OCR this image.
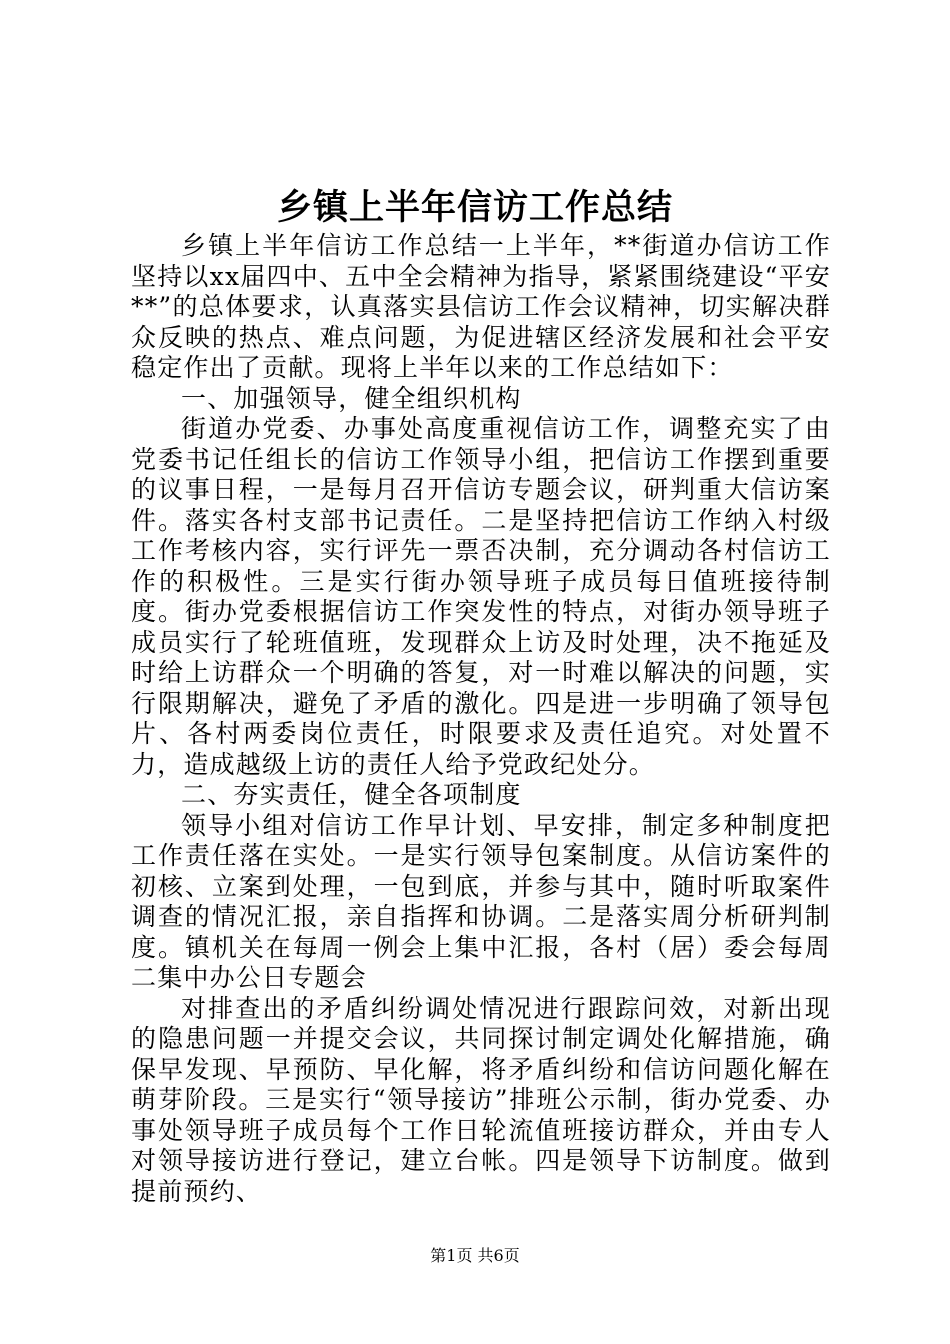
乡镇上半年信访工作总结

乡镇上半年信访工作总结一上半年，**街道办信访工作坚持以xx届四中、五中全会精神为指导，紧紧围绕建设“平安**”的总体要求，认真落实县信访工作会议精神，切实解决群众反映的热点、难点问题，为促进辖区经济发展和社会平安稳定作出了贡献。现将上半年以来的工作总结如下：

一、加强领导，健全组织机构

街道办党委、办事处高度重视信访工作，调整充实了由党委书记任组长的信访工作领导小组，把信访工作摆到重要的议事日程，一是每月召开信访专题会议，研判重大信访案件。落实各村支部书记责任。二是坚持把信访工作纳入村级工作考核内容，实行评先一票否决制，充分调动各村信访工作的积极性。三是实行街办领导班子成员每日值班接待制度。街办党委根据信访工作突发性的特点，对街办领导班子成员实行了轮班值班，发现群众上访及时处理，决不拖延及时给上访群众一个明确的答复，对一时难以解决的问题，实行限期解决，避免了矛盾的激化。四是进一步明确了领导包片、各村两委岗位责任，时限要求及责任追究。对处置不力，造成越级上访的责任人给予党政纪处分。

二、夯实责任，健全各项制度

领导小组对信访工作早计划、早安排，制定多种制度把工作责任落在实处。一是实行领导包案制度。从信访案件的初核、立案到处理，一包到底，并参与其中，随时听取案件调查的情况汇报，亲自指挥和协调。二是落实周分析研判制度。镇机关在每周一例会上集中汇报，各村（居）委会每周二集中办公日专题会

对排查出的矛盾纠纷调处情况进行跟踪问效，对新出现的隐患问题一并提交会议，共同探讨制定调处化解措施，确保早发现、早预防、早化解，将矛盾纠纷和信访问题化解在萌芽阶段。三是实行“领导接访”排班公示制，街办党委、办事处领导班子成员每个工作日轮流值班接访群众，并由专人对领导接访进行登记，建立台帐。四是领导下访制度。做到提前预约、

第1页 共6页
